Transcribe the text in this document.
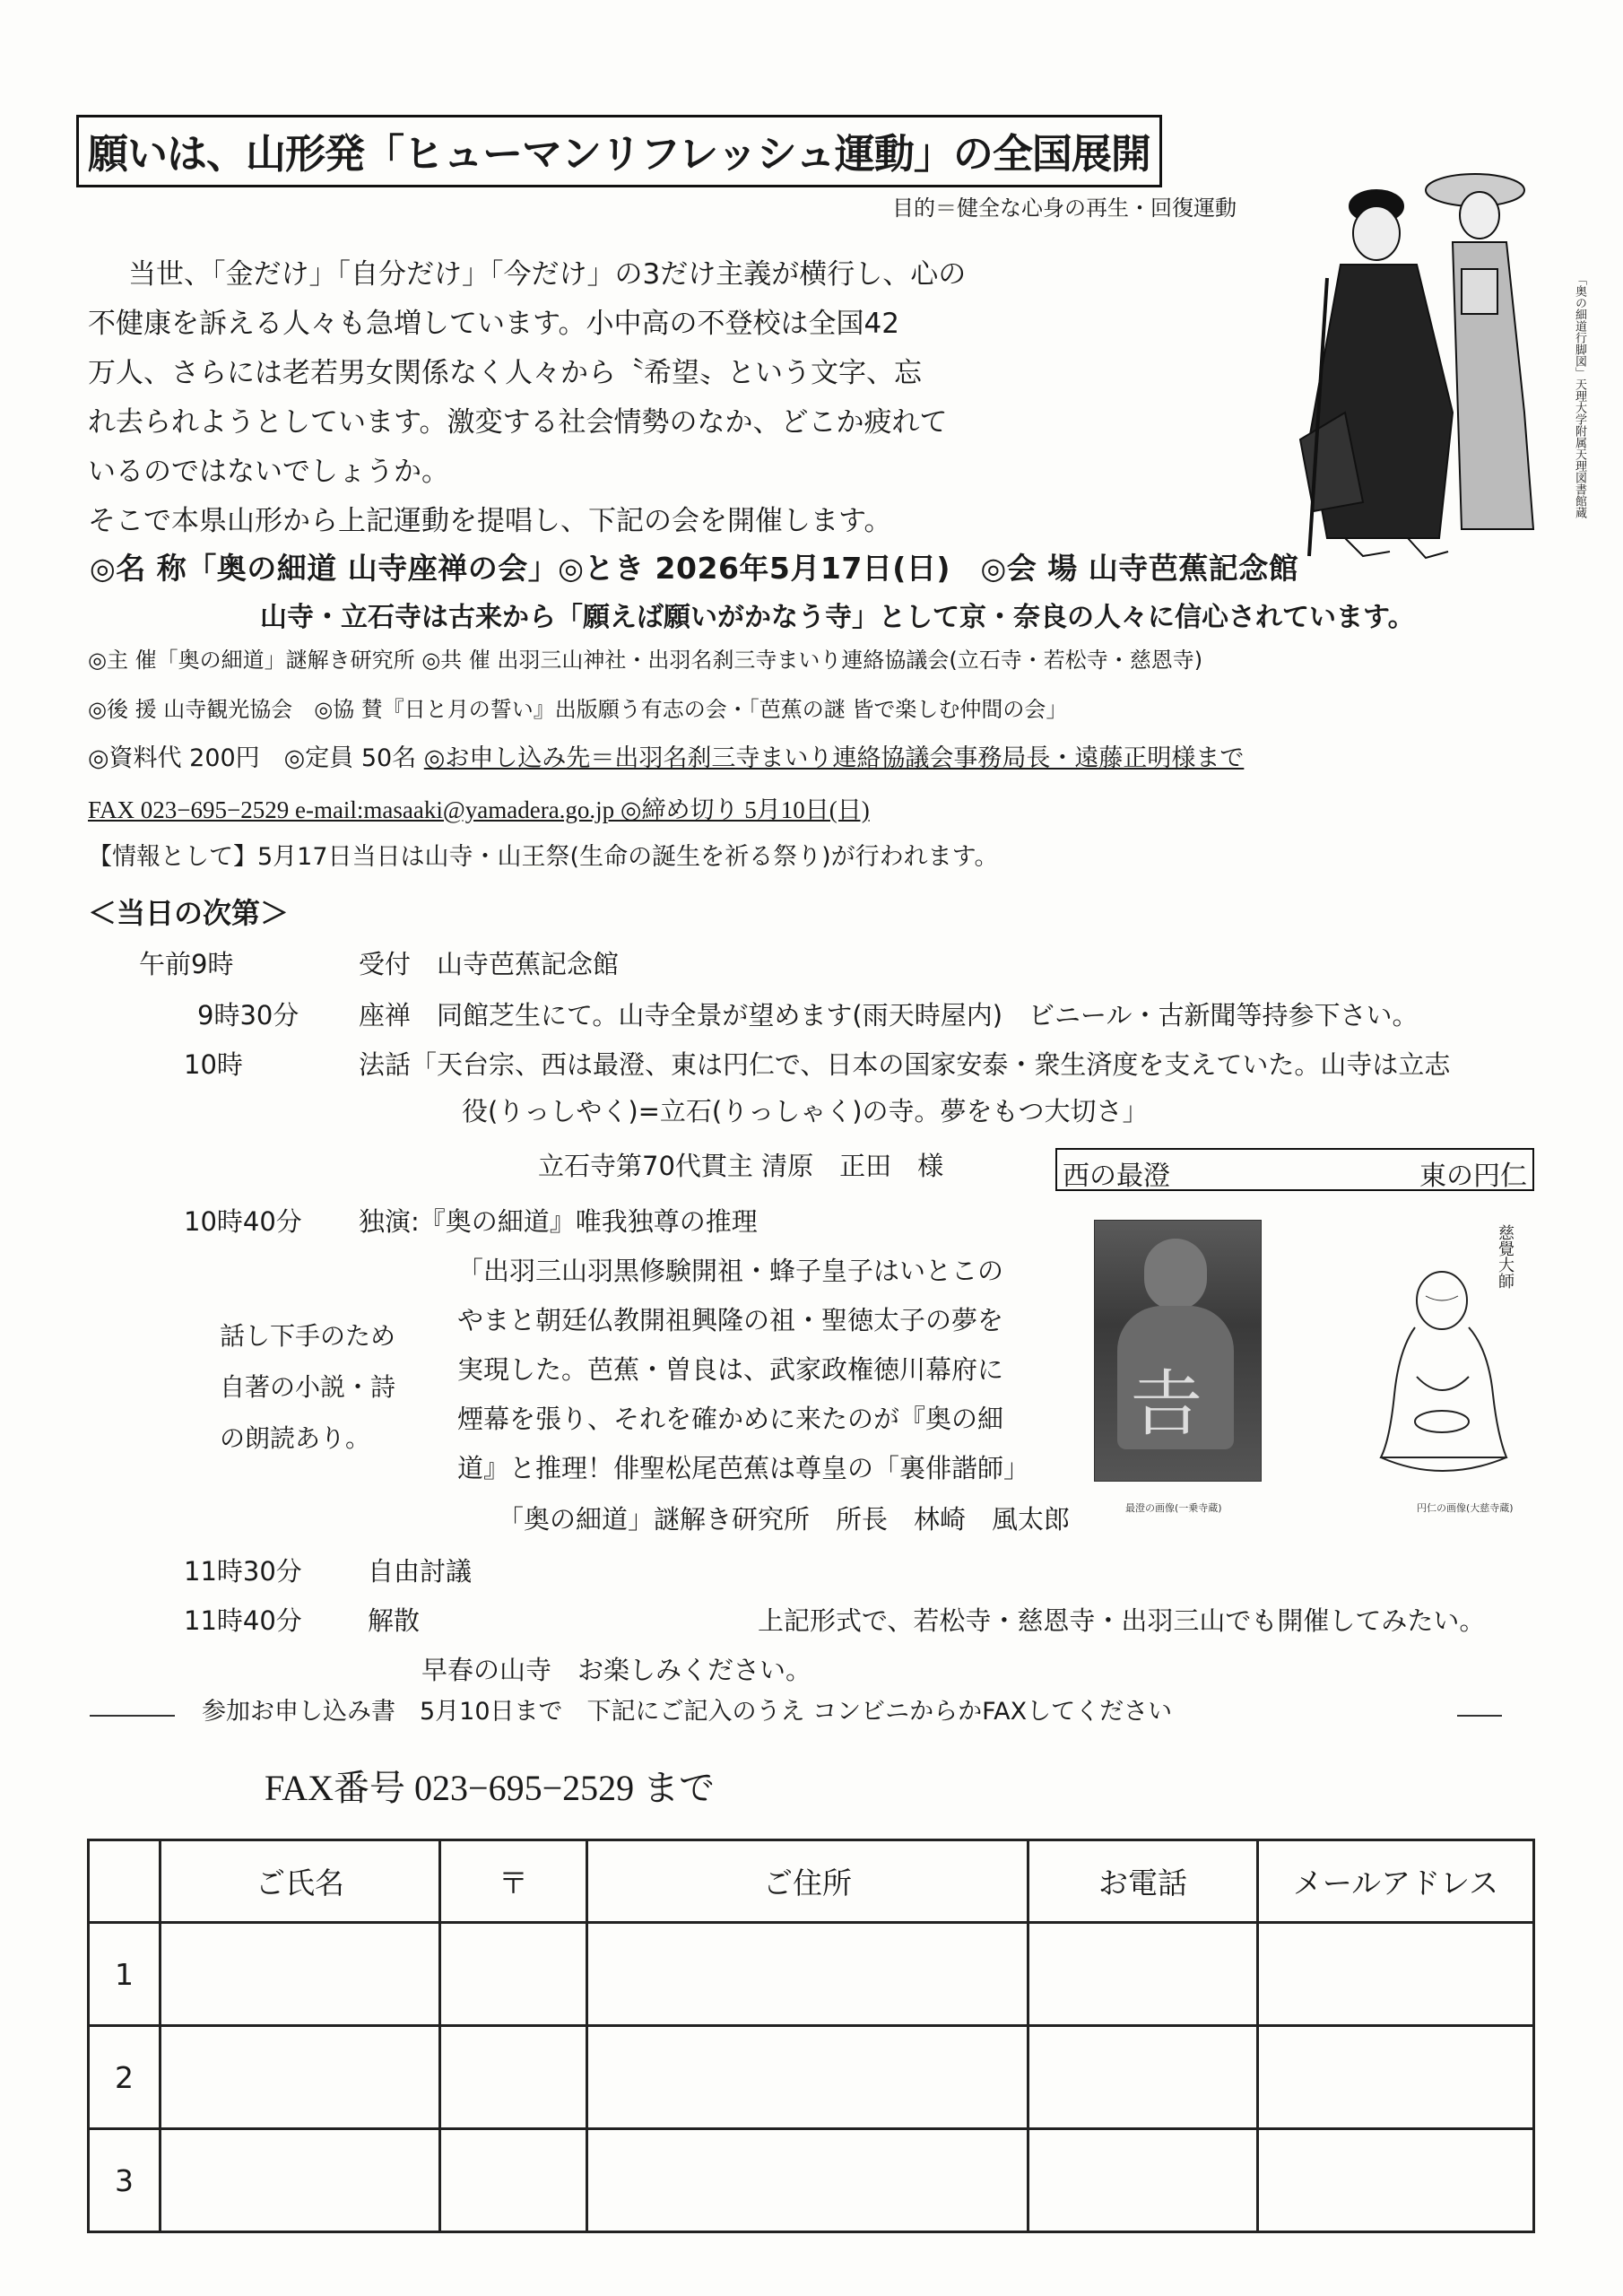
願いは、山形発「ヒューマンリフレッシュ運動」の全国展開
目的＝健全な心身の再生・回復運動
「奥の細道行脚図」天理大学附属天理図書館蔵
当世、「金だけ」「自分だけ」「今だけ」の3だけ主義が横行し、心の
不健康を訴える人々も急増しています。小中高の不登校は全国42
万人、さらには老若男女関係なく人々から〝希望〟という文字、忘
れ去られようとしています。激変する社会情勢のなか、どこか疲れて
いるのではないでしょうか。
そこで本県山形から上記運動を提唱し、下記の会を開催します。
◎名 称「奥の細道 山寺座禅の会」◎とき 2026年5月17日(日)　◎会 場 山寺芭蕉記念館
山寺・立石寺は古来から「願えば願いがかなう寺」として京・奈良の人々に信心されています。
◎主 催「奥の細道」謎解き研究所 ◎共 催 出羽三山神社・出羽名刹三寺まいり連絡協議会(立石寺・若松寺・慈恩寺)
◎後 援 山寺観光協会　◎協 賛『日と月の誓い』出版願う有志の会・「芭蕉の謎 皆で楽しむ仲間の会」
◎資料代 200円　◎定員 50名 ◎お申し込み先＝出羽名刹三寺まいり連絡協議会事務局長・遠藤正明様まで
FAX 023−695−2529 e-mail:masaaki@yamadera.go.jp ◎締め切り 5月10日(日)
【情報として】5月17日当日は山寺・山王祭(生命の誕生を祈る祭り)が行われます。
＜当日の次第＞
午前9時	受付　山寺芭蕉記念館
9時30分 座禅　同館芝生にて。山寺全景が望めます(雨天時屋内)　ビニール・古新聞等持参下さい。
10時	法話「天台宗、西は最澄、東は円仁で、日本の国家安泰・衆生済度を支えていた。山寺は立志
役(りっしやく)=立石(りっしゃく)の寺。夢をもつ大切さ」
立石寺第70代貫主 清原　正田　様
10時40分 独演:『奥の細道』唯我独尊の推理
「出羽三山羽黒修験開祖・蜂子皇子はいとこの
やまと朝廷仏教開祖興隆の祖・聖徳太子の夢を
実現した。芭蕉・曽良は、武家政権徳川幕府に
煙幕を張り、それを確かめに来たのが『奥の細
道』と推理！俳聖松尾芭蕉は尊皇の「裏俳諧師」
「奥の細道」謎解き研究所　所長　林崎　風太郎
話し下手のため
自著の小説・詩
の朗読あり。
11時30分	自由討議
11時40分	解散	上記形式で、若松寺・慈恩寺・出羽三山でも開催してみたい。
早春の山寺　お楽しみください。
西の最澄	東の円仁
𠮷
最澄の画像(一乗寺蔵)
慈覺大師
円仁の画像(大慈寺蔵)
参加お申し込み書　5月10日まで　下記にご記入のうえ コンビニからかFAXしてください
FAX番号 023−695−2529 まで
	ご氏名	〒	ご住所	お電話	メールアドレス
1					
2					
3					
